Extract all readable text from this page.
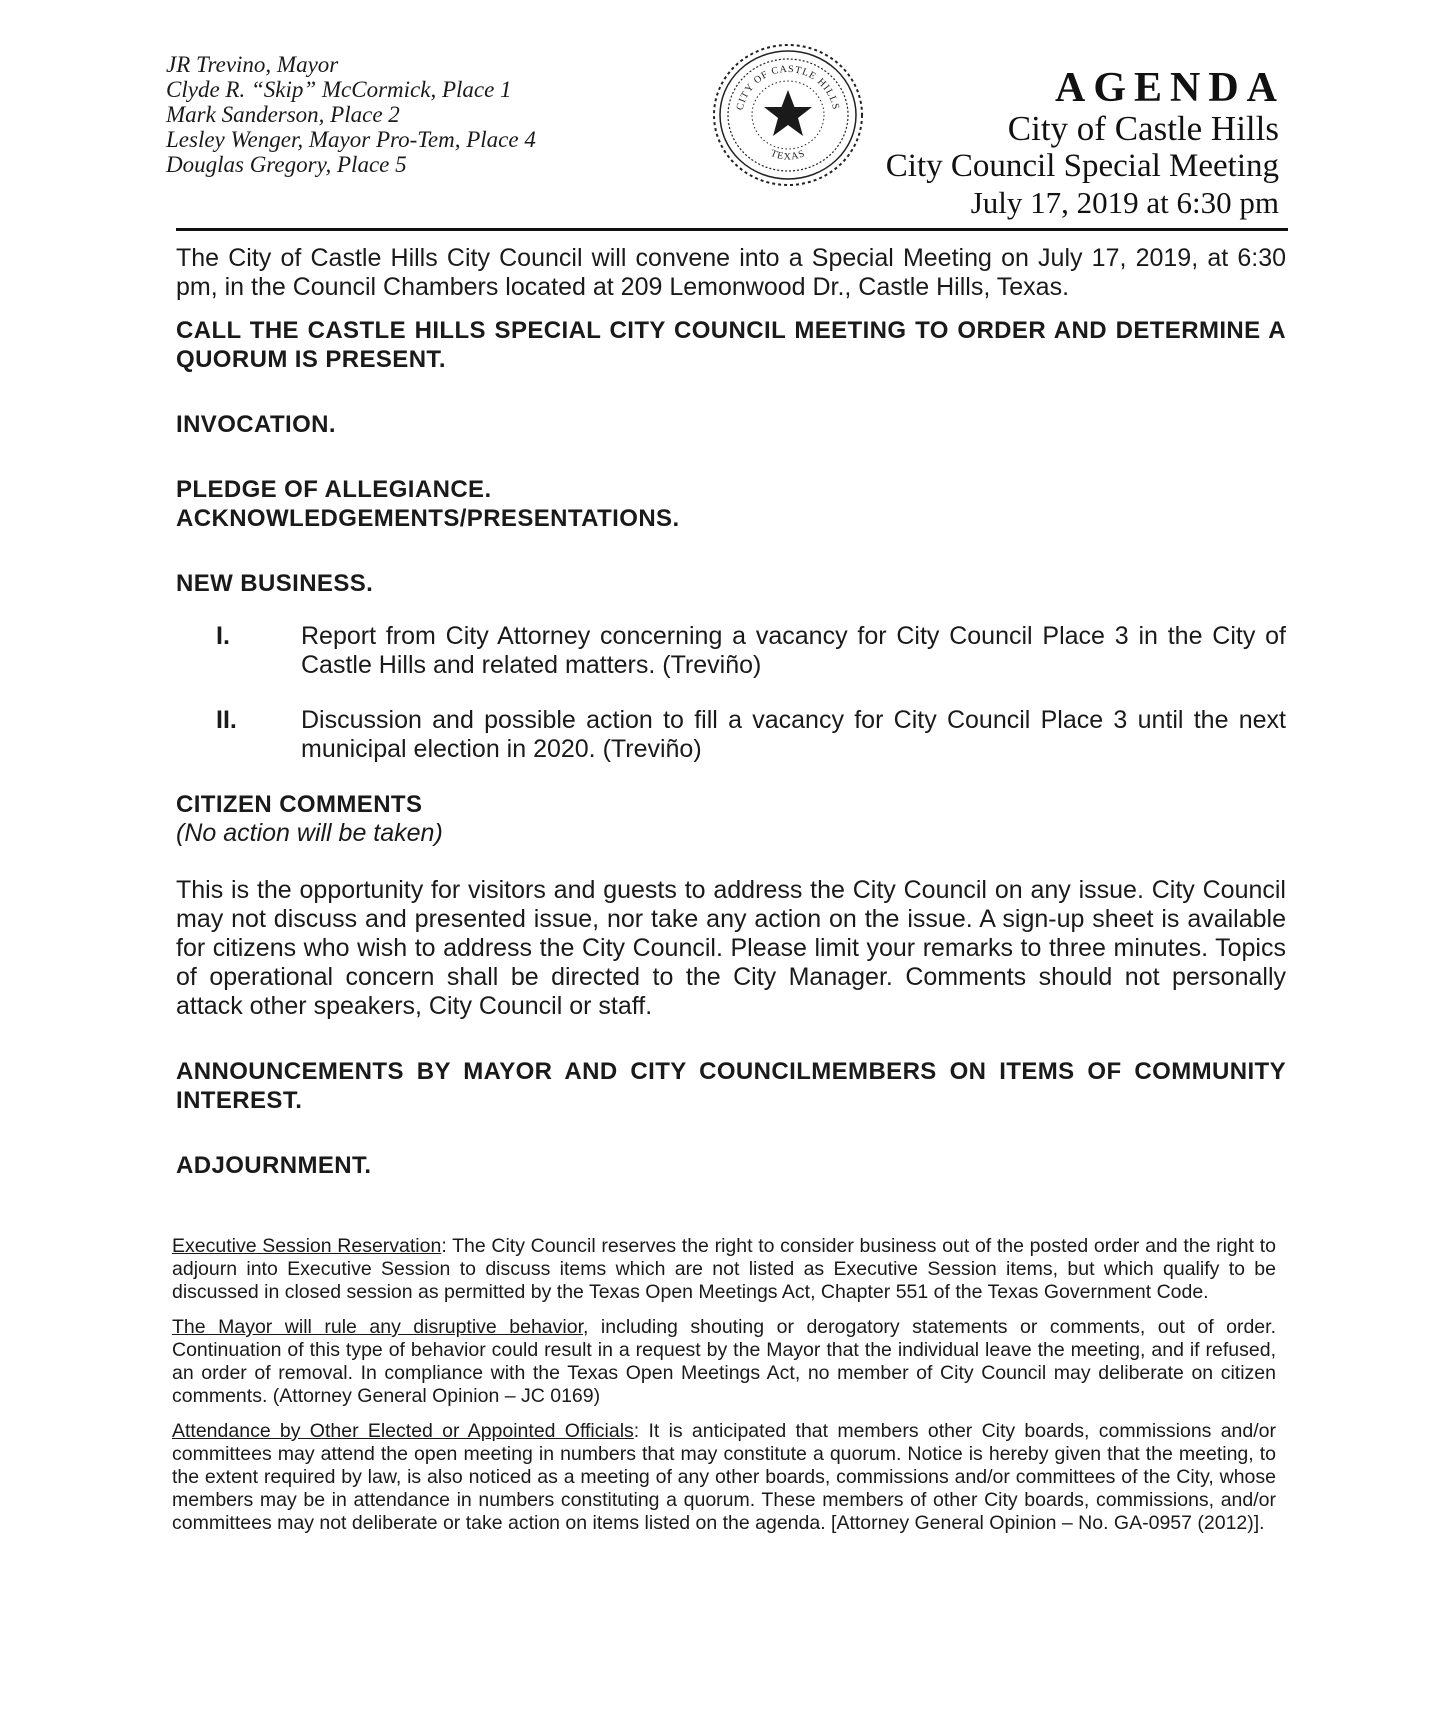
JR Trevino, Mayor
Clyde R. “Skip” McCormick, Place 1
Mark Sanderson, Place 2
Lesley Wenger, Mayor Pro-Tem, Place 4
Douglas Gregory, Place 5
CITY OF CASTLE HILLS
TEXAS
AGENDA
City of Castle Hills
City Council Special Meeting
July 17, 2019 at 6:30 pm

The City of Castle Hills City Council will convene into a Special Meeting on July 17, 2019, at 6:30 pm, in the Council Chambers located at 209 Lemonwood Dr., Castle Hills, Texas.

CALL THE CASTLE HILLS SPECIAL CITY COUNCIL MEETING TO ORDER AND DETERMINE A QUORUM IS PRESENT.

INVOCATION.

PLEDGE OF ALLEGIANCE.

ACKNOWLEDGEMENTS/PRESENTATIONS.

NEW BUSINESS.

I.	Report from City Attorney concerning a vacancy for City Council Place 3 in the City of Castle Hills and related matters. (Treviño)
II.	Discussion and possible action to fill a vacancy for City Council Place 3 until the next municipal election in 2020. (Treviño)

CITIZEN COMMENTS

(No action will be taken)

This is the opportunity for visitors and guests to address the City Council on any issue. City Council may not discuss and presented issue, nor take any action on the issue. A sign-up sheet is available for citizens who wish to address the City Council. Please limit your remarks to three minutes. Topics of operational concern shall be directed to the City Manager. Comments should not personally attack other speakers, City Council or staff.

ANNOUNCEMENTS BY MAYOR AND CITY COUNCILMEMBERS ON ITEMS OF COMMUNITY INTEREST.

ADJOURNMENT.

Executive Session Reservation: The City Council reserves the right to consider business out of the posted order and the right to adjourn into Executive Session to discuss items which are not listed as Executive Session items, but which qualify to be discussed in closed session as permitted by the Texas Open Meetings Act, Chapter 551 of the Texas Government Code.

The Mayor will rule any disruptive behavior, including shouting or derogatory statements or comments, out of order. Continuation of this type of behavior could result in a request by the Mayor that the individual leave the meeting, and if refused, an order of removal. In compliance with the Texas Open Meetings Act, no member of City Council may deliberate on citizen comments. (Attorney General Opinion – JC 0169)

Attendance by Other Elected or Appointed Officials: It is anticipated that members other City boards, commissions and/or committees may attend the open meeting in numbers that may constitute a quorum. Notice is hereby given that the meeting, to the extent required by law, is also noticed as a meeting of any other boards, commissions and/or committees of the City, whose members may be in attendance in numbers constituting a quorum. These members of other City boards, commissions, and/or committees may not deliberate or take action on items listed on the agenda. [Attorney General Opinion – No. GA-0957 (2012)].
